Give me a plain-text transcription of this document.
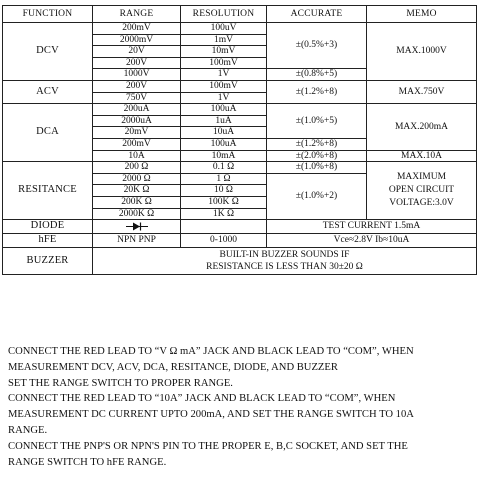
FUNCTION	RANGE	RESOLUTION	ACCURATE	MEMO
DCV	200mV	100uV	±(0.5%+3)	MAX.1000V
	2000mV	1mV		
	20V	10mV		
	200V	100mV		
	1000V	1V	±(0.8%+5)	
ACV	200V	100mV	±(1.2%+8)	MAX.750V
	750V	1V		
DCA	200uA	100uA	±(1.0%+5)	MAX.200mA
	2000uA	1uA		
	20mV	10uA		
	200mV	100uA	±(1.2%+8)	
	10A	10mA	±(2.0%+8)	MAX.10A
RESITANCE	200 Ω	0.1 Ω	±(1.0%+8)	MAXIMUM
OPEN CIRCUIT
VOLTAGE:3.0V
	2000 Ω	1 Ω	±(1.0%+2)	
	20K Ω	10 Ω		
	200K Ω	100K Ω		
	2000K Ω	1K Ω		
DIODE			TEST CURRENT 1.5mA	
hFE	NPN PNP	0-1000	Vce≈2.8V Ib≈10uA	
BUZZER	BUILT-IN BUZZER SOUNDS IF
RESISTANCE IS LESS THAN 30±20 Ω			

CONNECT THE RED LEAD TO “V Ω mA” JACK AND BLACK LEAD TO “COM”, WHEN

MEASUREMENT DCV, ACV, DCA, RESITANCE, DIODE, AND BUZZER

SET THE RANGE SWITCH TO PROPER RANGE.

CONNECT THE RED LEAD TO “10A” JACK AND BLACK LEAD TO “COM”, WHEN

MEASUREMENT DC CURRENT UPTO 200mA, AND SET THE RANGE SWITCH TO 10A

RANGE.

CONNECT THE PNP'S OR NPN'S PIN TO THE PROPER E, B,C SOCKET, AND SET THE

RANGE SWITCH TO hFE RANGE.
